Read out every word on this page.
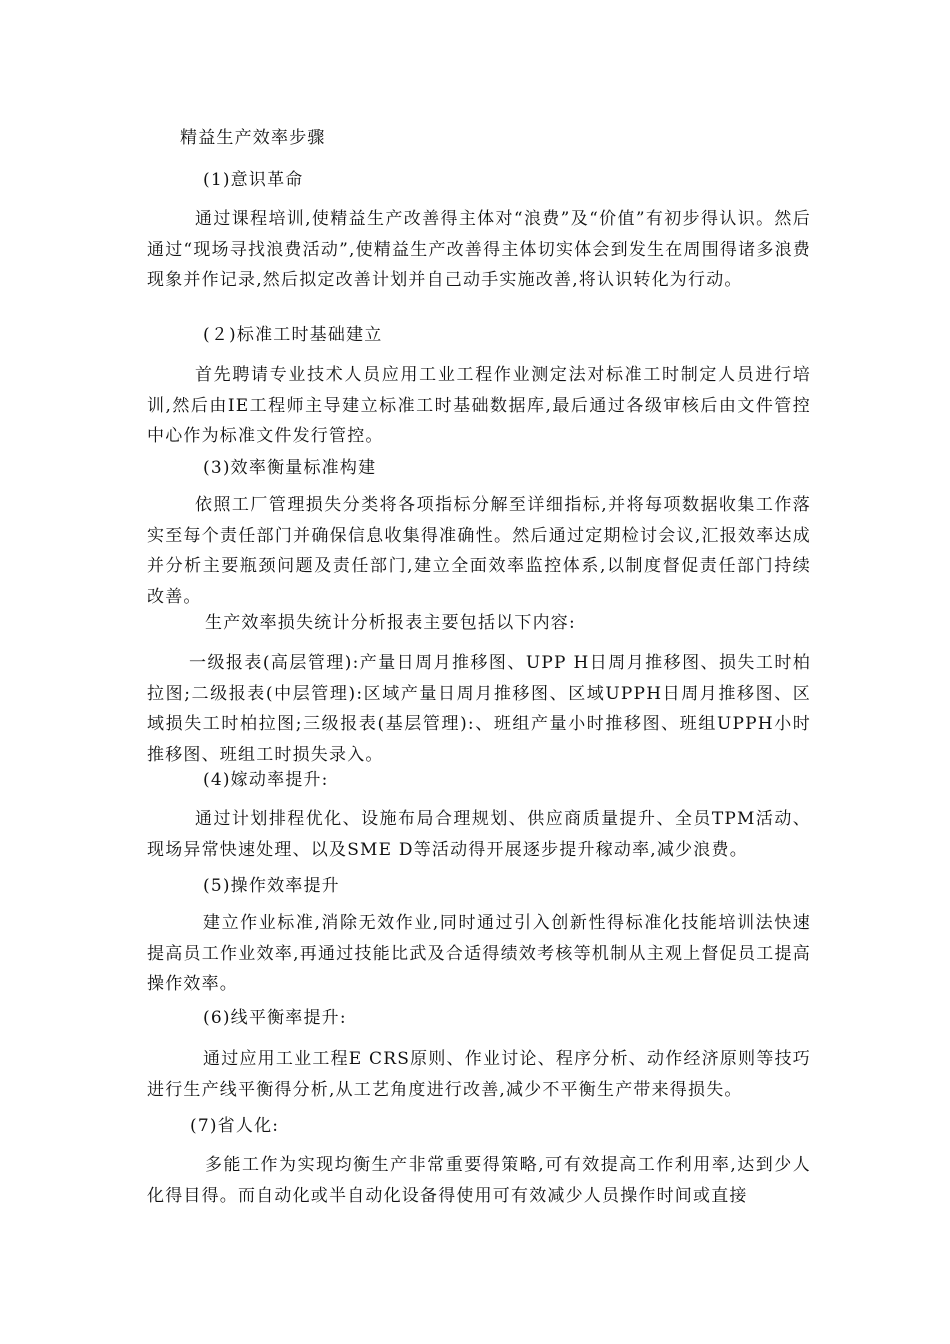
精益生产效率步骤
(1)意识革命

通过课程培训,使精益生产改善得主体对“浪费”及“价值”有初步得认识。然后通过“现场寻找浪费活动”,使精益生产改善得主体切实体会到发生在周围得诸多浪费现象并作记录,然后拟定改善计划并自己动手实施改善,将认识转化为行动。

(２)标准工时基础建立

首先聘请专业技术人员应用工业工程作业测定法对标准工时制定人员进行培训,然后由IE工程师主导建立标准工时基础数据库,最后通过各级审核后由文件管控中心作为标准文件发行管控。

(3)效率衡量标准构建

依照工厂管理损失分类将各项指标分解至详细指标,并将每项数据收集工作落实至每个责任部门并确保信息收集得准确性。然后通过定期检讨会议,汇报效率达成并分析主要瓶颈问题及责任部门,建立全面效率监控体系,以制度督促责任部门持续改善。

生产效率损失统计分析报表主要包括以下内容:

一级报表(高层管理):产量日周月推移图、UPP H日周月推移图、损失工时柏拉图;二级报表(中层管理):区域产量日周月推移图、区域UPPH日周月推移图、区域损失工时柏拉图;三级报表(基层管理):、班组产量小时推移图、班组UPPH小时推移图、班组工时损失录入。

(4)嫁动率提升:

通过计划排程优化、设施布局合理规划、供应商质量提升、全员TPM活动、现场异常快速处理、以及SME D等活动得开展逐步提升稼动率,减少浪费。

(5)操作效率提升

建立作业标准,消除无效作业,同时通过引入创新性得标准化技能培训法快速提高员工作业效率,再通过技能比武及合适得绩效考核等机制从主观上督促员工提高操作效率。

(6)线平衡率提升:

通过应用工业工程E CRS原则、作业讨论、程序分析、动作经济原则等技巧进行生产线平衡得分析,从工艺角度进行改善,减少不平衡生产带来得损失。

(7)省人化:

多能工作为实现均衡生产非常重要得策略,可有效提高工作利用率,达到少人化得目得。而自动化或半自动化设备得使用可有效减少人员操作时间或直接
